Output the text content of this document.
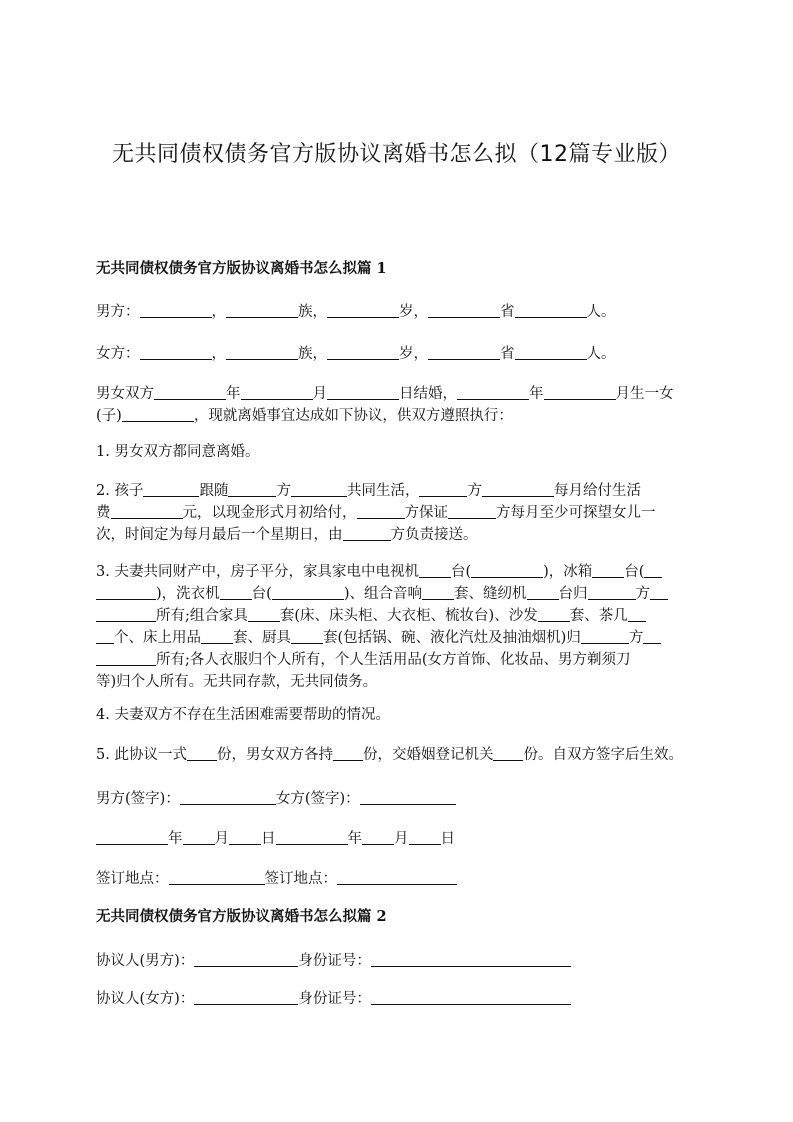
无共同债权债务官方版协议离婚书怎么拟（12篇专业版）
无共同债权债务官方版协议离婚书怎么拟篇 1
男方：	，	族，	岁，	省	人。
女方：	，	族，	岁，	省	人。
男女双方	年	月	日结婚，	年	月生一女
(子)	，现就离婚事宜达成如下协议，供双方遵照执行：
1. 男女双方都同意离婚。
2. 孩子	跟随	方	共同生活，	方	每月给付生活
费	元，以现金形式月初给付，	方保证	方每月至少可探望女儿一
次，时间定为每月最后一个星期日，由	方负责接送。
3. 夫妻共同财产中，房子平分，家具家电中电视机 台(	)，冰箱 台(
)，洗衣机 台(	)、组合音响 套、缝纫机 台归	方
所有;组合家具 套(床、床头柜、大衣柜、梳妆台)、沙发 套、茶几
个、床上用品 套、厨具 套(包括锅、碗、液化汽灶及抽油烟机)归	方
所有;各人衣服归个人所有，个人生活用品(女方首饰、化妆品、男方剃须刀
等)归个人所有。无共同存款，无共同债务。
4. 夫妻双方不存在生活困难需要帮助的情况。
5. 此协议一式 份，男女双方各持 份，交婚姻登记机关 份。自双方签字后生效。
男方(签字)：	女方(签字)：
年 月 日	年 月 日
签订地点：	签订地点：
无共同债权债务官方版协议离婚书怎么拟篇 2
协议人(男方)：	身份证号：
协议人(女方)：	身份证号：
